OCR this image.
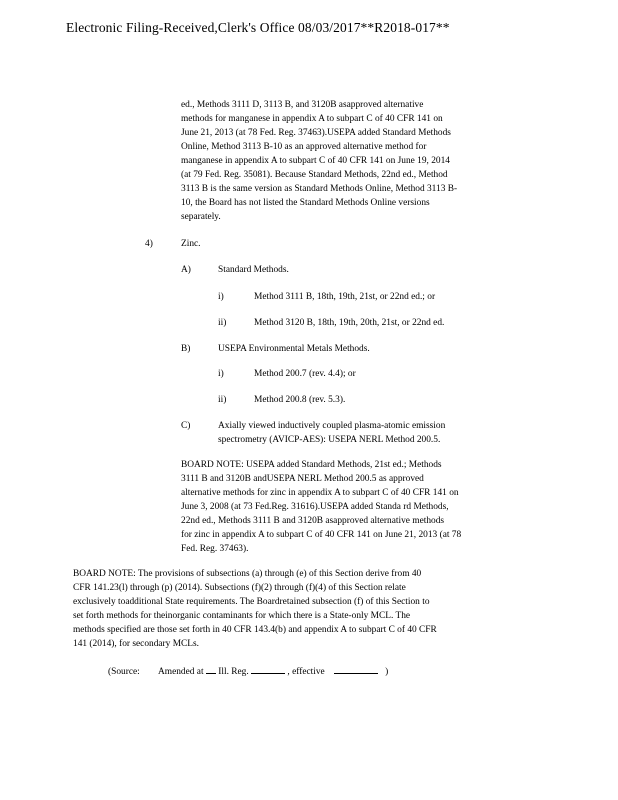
Electronic Filing-Received,Clerk's Office 08/03/2017**R2018-017**
ed., Methods 3111 D, 3113 B, and 3120B asapproved alternative
methods for manganese in appendix A to subpart C of 40 CFR 141 on
June 21, 2013 (at 78 Fed. Reg. 37463).USEPA added Standard Methods
Online, Method 3113 B-10 as an approved alternative method for
manganese in appendix A to subpart C of 40 CFR 141 on June 19, 2014
(at 79 Fed. Reg. 35081). Because Standard Methods, 22nd ed., Method
3113 B is the same version as Standard Methods Online, Method 3113 B-
10, the Board has not listed the Standard Methods Online versions
separately.
4)	Zinc.
A)	Standard Methods.
i)	Method 3111 B, 18th, 19th, 21st, or 22nd ed.; or
ii)	Method 3120 B, 18th, 19th, 20th, 21st, or 22nd ed.
B)	USEPA Environmental Metals Methods.
i)	Method 200.7 (rev. 4.4); or
ii)	Method 200.8 (rev. 5.3).
C)	Axially viewed inductively coupled plasma-atomic emission
spectrometry (AVICP-AES): USEPA NERL Method 200.5.
BOARD NOTE: USEPA added Standard Methods, 21st ed.; Methods
3111 B and 3120B andUSEPA NERL Method 200.5 as approved
alternative methods for zinc in appendix A to subpart C of 40 CFR 141 on
June 3, 2008 (at 73 Fed.Reg. 31616).USEPA added Standa rd Methods,
22nd ed., Methods 3111 B and 3120B asapproved alternative methods
for zinc in appendix A to subpart C of 40 CFR 141 on June 21, 2013 (at 78
Fed. Reg. 37463).
BOARD NOTE: The provisions of subsections (a) through (e) of this Section derive from 40
CFR 141.23(l) through (p) (2014). Subsections (f)(2) through (f)(4) of this Section relate
exclusively toadditional State requirements. The Boardretained subsection (f) of this Section to
set forth methods for theinorganic contaminants for which there is a State-only MCL. The
methods specified are those set forth in 40 CFR 143.4(b) and appendix A to subpart C of 40 CFR
141 (2014), for secondary MCLs.
(Source: Amended at Ill. Reg.	, effective	)
